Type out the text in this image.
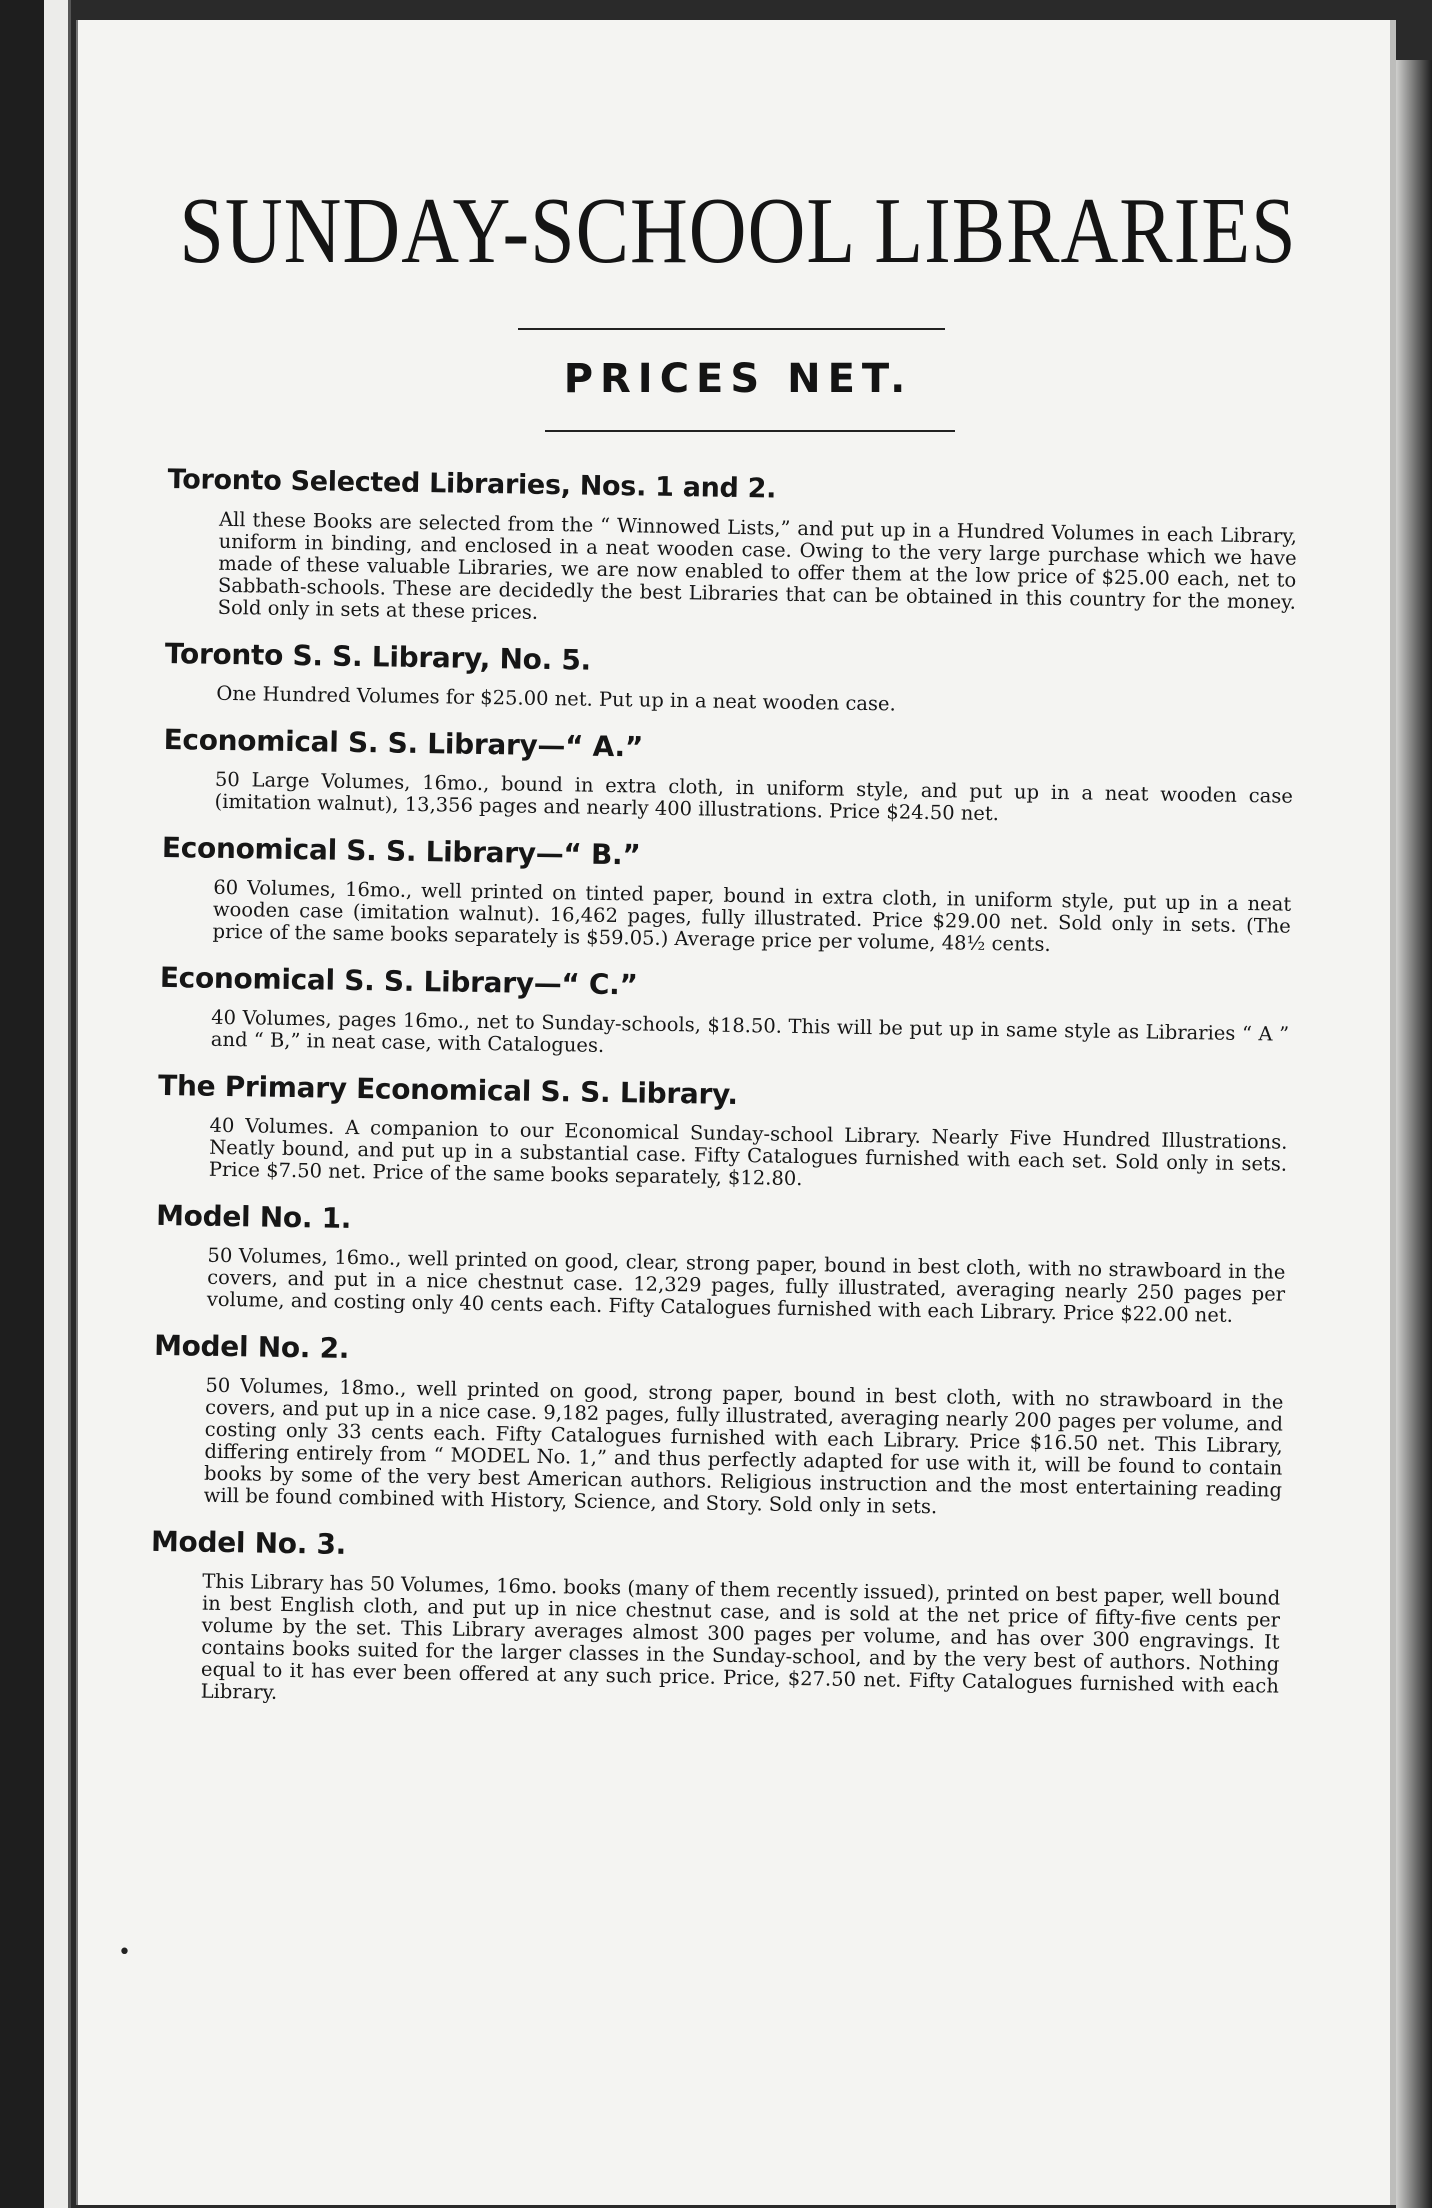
SUNDAY-SCHOOL LIBRARIES
PRICES NET.
Toronto Selected Libraries, Nos. 1 and 2.

All these Books are selected from the “ Winnowed Lists,” and put up in a Hundred Volumes in each Library, uniform in binding, and enclosed in a neat wooden case. Owing to the very large purchase which we have made of these valuable Libraries, we are now enabled to offer them at the low price of $25.00 each, net to Sabbath-schools. These are decidedly the best Libraries that can be obtained in this country for the money. Sold only in sets at these prices.

Toronto S. S. Library, No. 5.

One Hundred Volumes for $25.00 net. Put up in a neat wooden case.

Economical S. S. Library—“ A.”

50 Large Volumes, 16mo., bound in extra cloth, in uniform style, and put up in a neat wooden case (imitation walnut), 13,356 pages and nearly 400 illustrations. Price $24.50 net.

Economical S. S. Library—“ B.”

60 Volumes, 16mo., well printed on tinted paper, bound in extra cloth, in uniform style, put up in a neat wooden case (imitation walnut). 16,462 pages, fully illustrated. Price $29.00 net. Sold only in sets. (The price of the same books separately is $59.05.) Average price per volume, 48½ cents.

Economical S. S. Library—“ C.”

40 Volumes, pages 16mo., net to Sunday-schools, $18.50. This will be put up in same style as Libraries “ A ” and “ B,” in neat case, with Catalogues.

The Primary Economical S. S. Library.

40 Volumes. A companion to our Economical Sunday-school Library. Nearly Five Hundred Illustrations. Neatly bound, and put up in a substantial case. Fifty Catalogues furnished with each set. Sold only in sets. Price $7.50 net. Price of the same books separately, $12.80.

Model No. 1.

50 Volumes, 16mo., well printed on good, clear, strong paper, bound in best cloth, with no strawboard in the covers, and put in a nice chestnut case. 12,329 pages, fully illustrated, averaging nearly 250 pages per volume, and costing only 40 cents each. Fifty Catalogues furnished with each Library. Price $22.00 net.

Model No. 2.

50 Volumes, 18mo., well printed on good, strong paper, bound in best cloth, with no strawboard in the covers, and put up in a nice case. 9,182 pages, fully illustrated, averaging nearly 200 pages per volume, and costing only 33 cents each. Fifty Catalogues furnished with each Library. Price $16.50 net. This Library, differing entirely from “ MODEL No. 1,” and thus perfectly adapted for use with it, will be found to contain books by some of the very best American authors. Religious instruction and the most entertaining reading will be found combined with History, Science, and Story. Sold only in sets.

Model No. 3.

This Library has 50 Volumes, 16mo. books (many of them recently issued), printed on best paper, well bound in best English cloth, and put up in nice chestnut case, and is sold at the net price of fifty-five cents per volume by the set. This Library averages almost 300 pages per volume, and has over 300 engravings. It contains books suited for the larger classes in the Sunday-school, and by the very best of authors. Nothing equal to it has ever been offered at any such price. Price, $27.50 net. Fifty Catalogues furnished with each Library.

•
